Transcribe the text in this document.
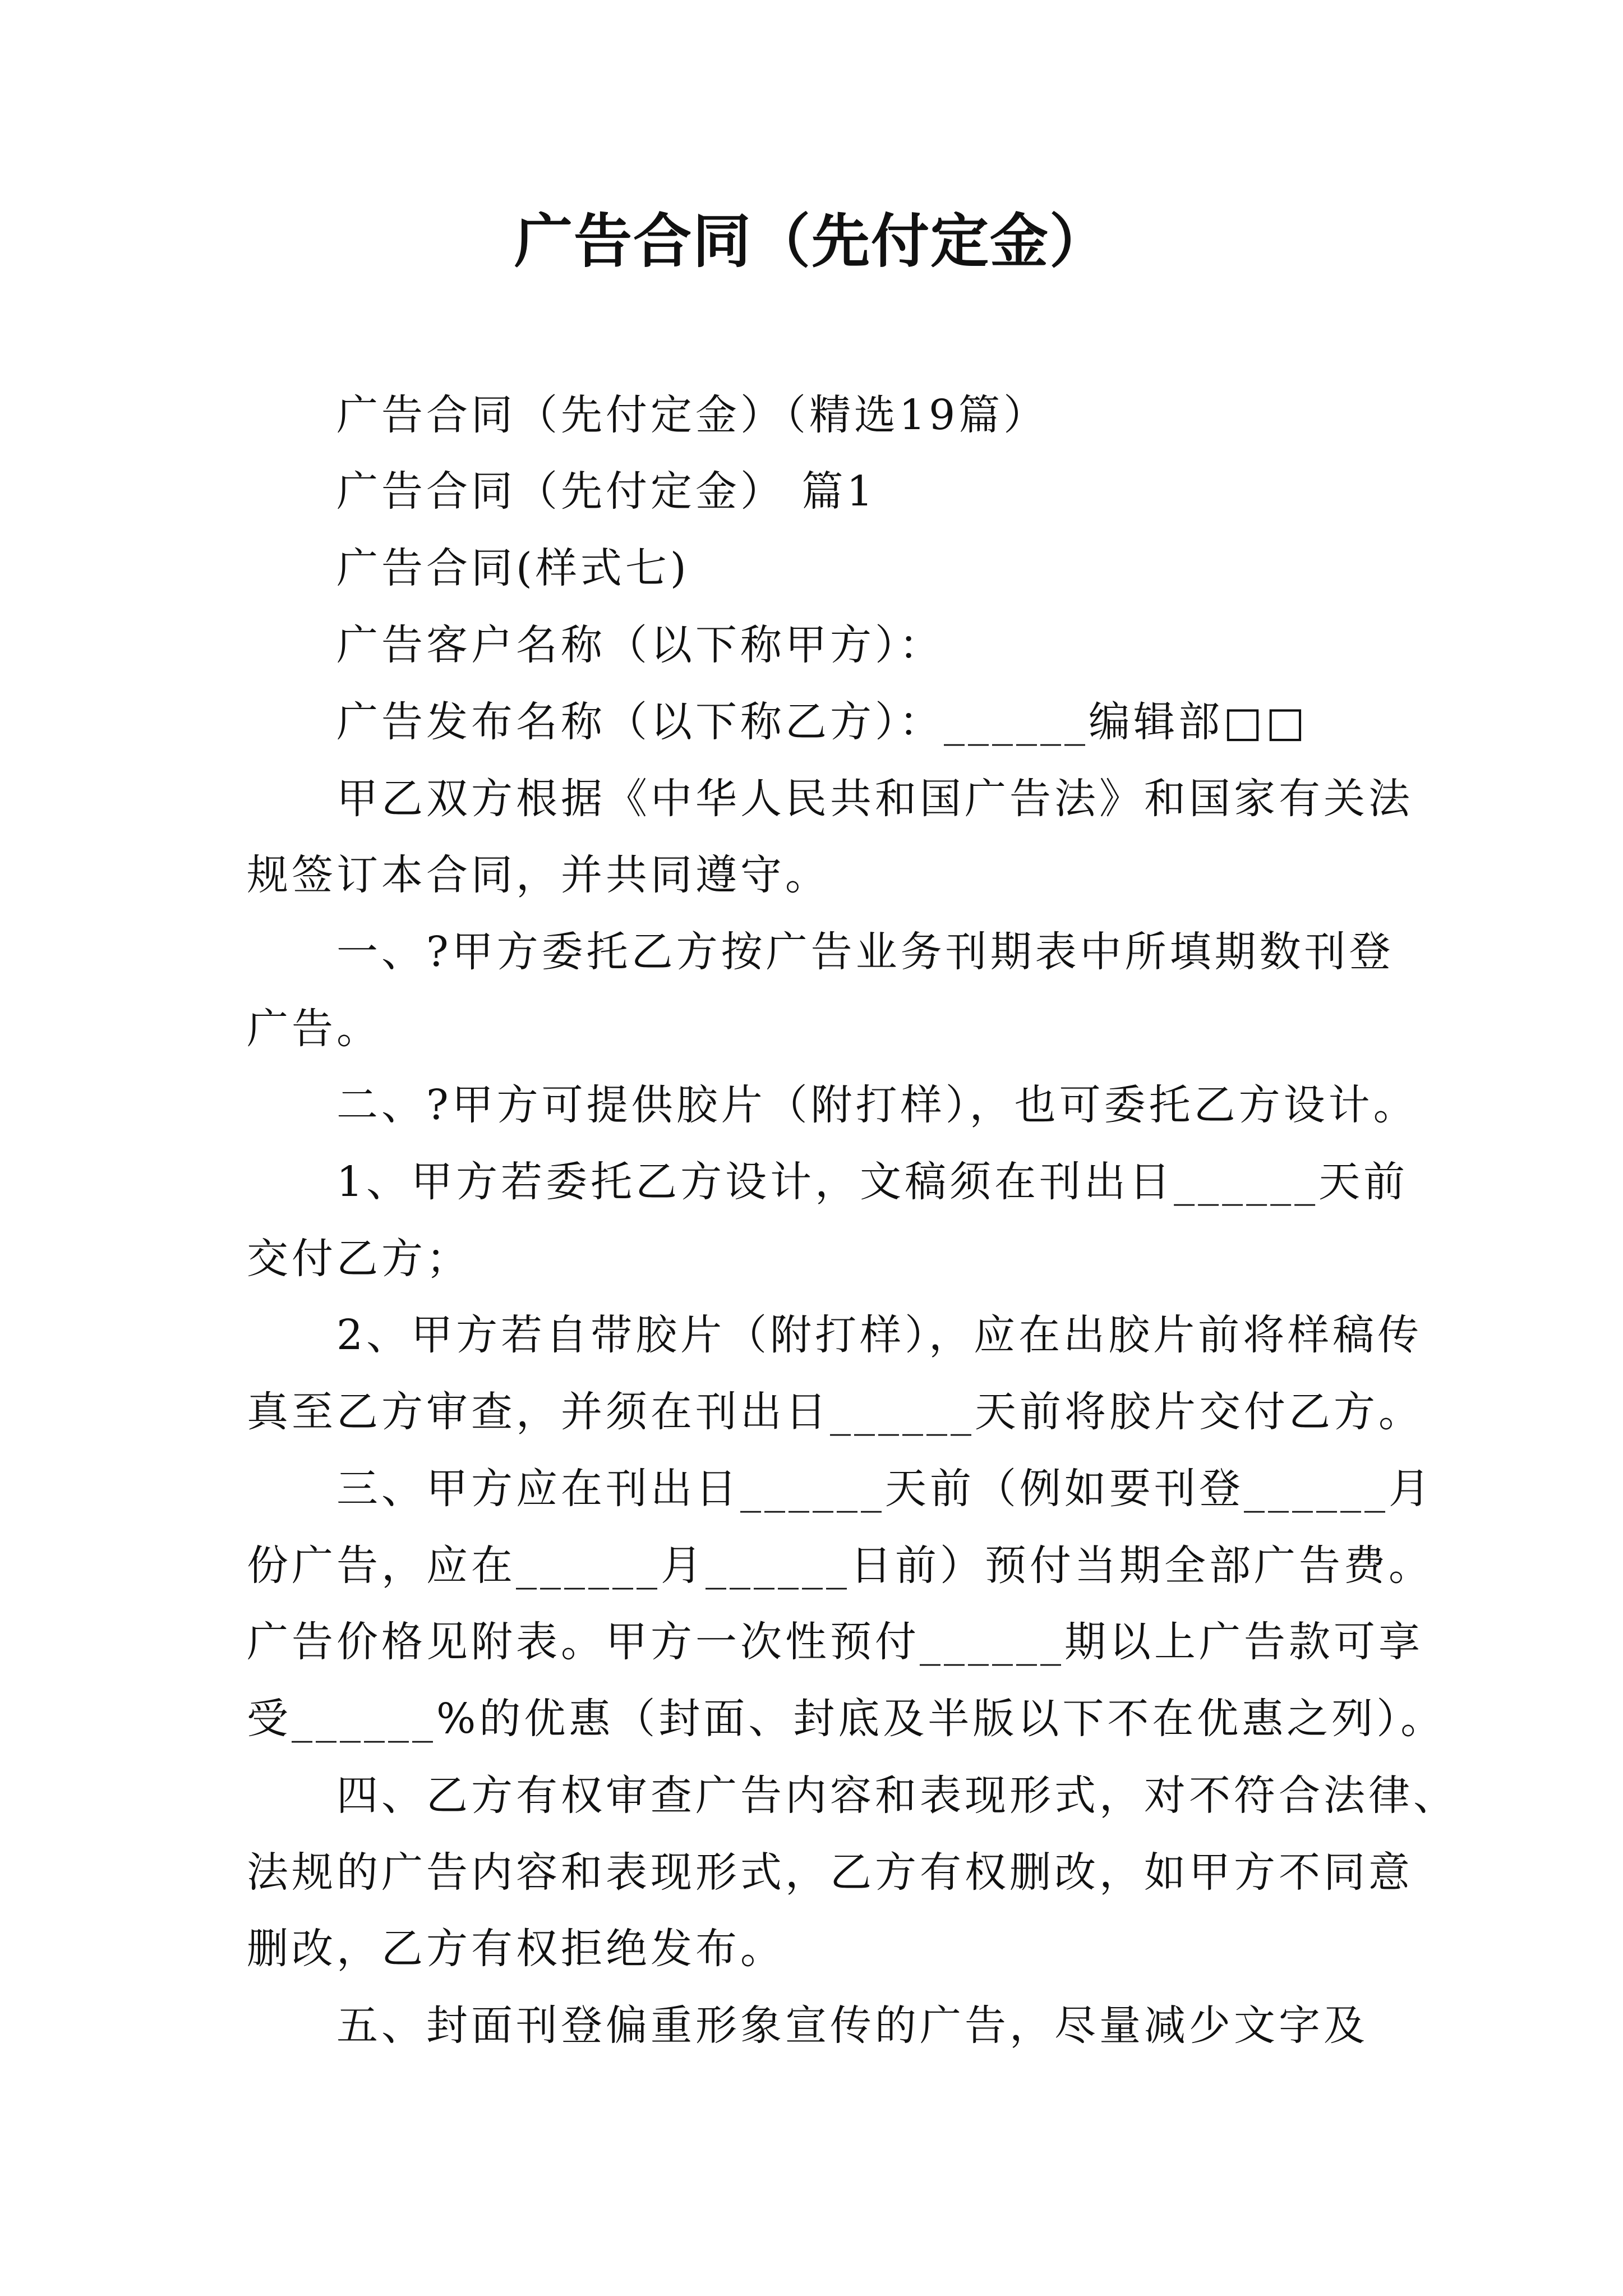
广告合同（先付定金）
广告合同（先付定金）（精选19篇）
广告合同（先付定金） 篇1
广告合同(样式七)
广告客户名称（以下称甲方）：
广告发布名称（以下称乙方）：______编辑部□□
甲乙双方根据《中华人民共和国广告法》和国家有关法
规签订本合同，并共同遵守。
一、?甲方委托乙方按广告业务刊期表中所填期数刊登
广告。
二、?甲方可提供胶片（附打样），也可委托乙方设计。
1、甲方若委托乙方设计，文稿须在刊出日______天前
交付乙方；
2、甲方若自带胶片（附打样），应在出胶片前将样稿传
真至乙方审查，并须在刊出日______天前将胶片交付乙方。
三、甲方应在刊出日______天前（例如要刊登______月
份广告，应在______月______日前）预付当期全部广告费。
广告价格见附表。甲方一次性预付______期以上广告款可享
受______%的优惠（封面、封底及半版以下不在优惠之列）。
四、乙方有权审查广告内容和表现形式，对不符合法律、
法规的广告内容和表现形式，乙方有权删改，如甲方不同意
删改，乙方有权拒绝发布。
五、封面刊登偏重形象宣传的广告，尽量减少文字及
